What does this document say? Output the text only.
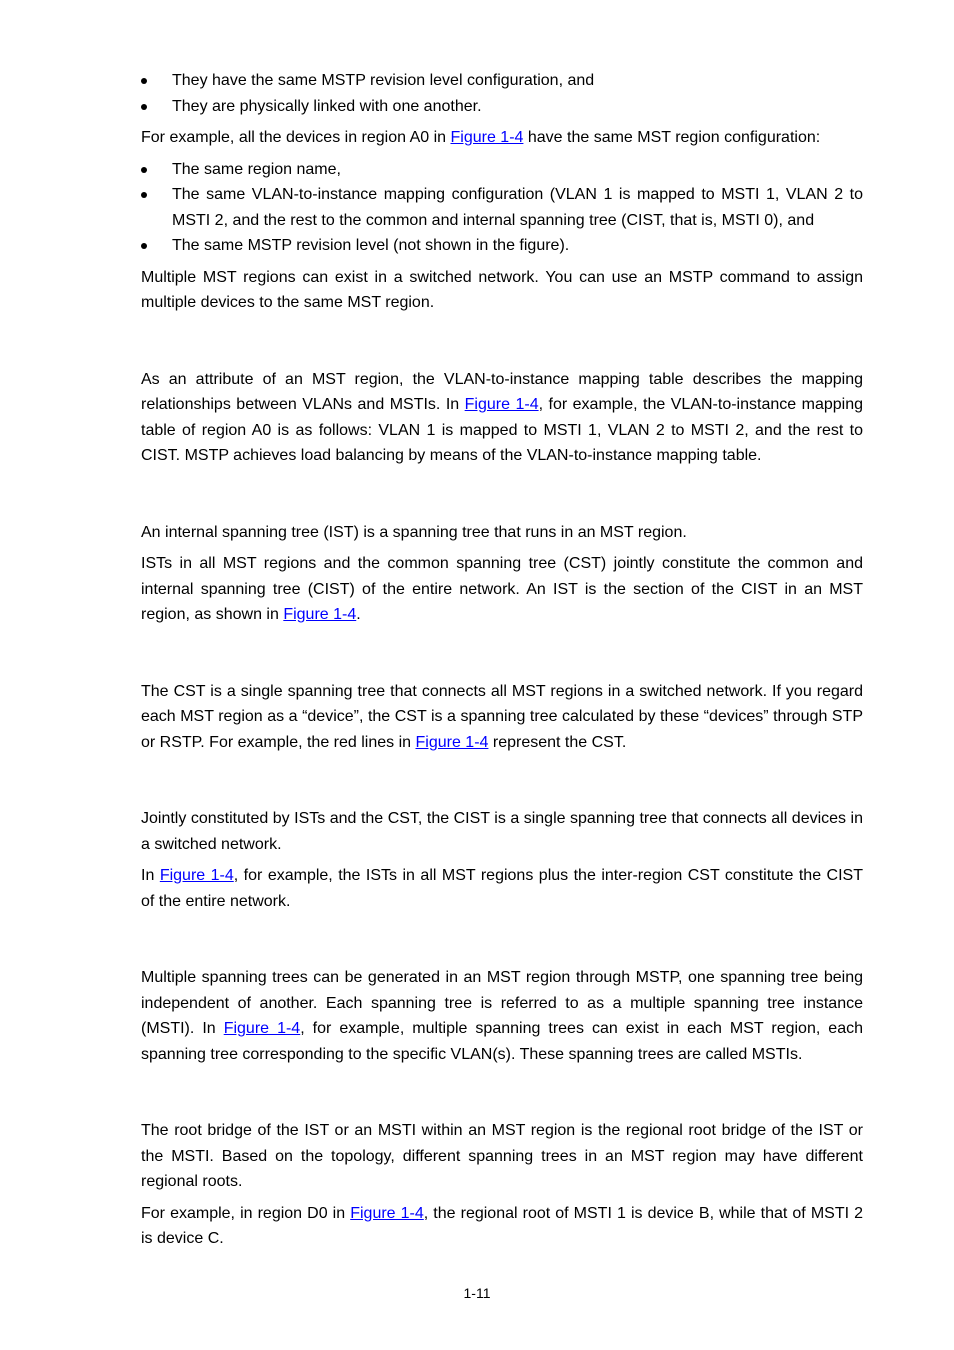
They have the same MSTP revision level configuration, and
They are physically linked with one another.

For example, all the devices in region A0 in Figure 1-4 have the same MST region configuration:

The same region name,
The same VLAN-to-instance mapping configuration (VLAN 1 is mapped to MSTI 1, VLAN 2 to MSTI 2, and the rest to the common and internal spanning tree (CIST, that is, MSTI 0), and
The same MSTP revision level (not shown in the figure).

Multiple MST regions can exist in a switched network. You can use an MSTP command to assign multiple devices to the same MST region.

As an attribute of an MST region, the VLAN-to-instance mapping table describes the mapping relationships between VLANs and MSTIs. In Figure 1-4, for example, the VLAN-to-instance mapping table of region A0 is as follows: VLAN 1 is mapped to MSTI 1, VLAN 2 to MSTI 2, and the rest to CIST. MSTP achieves load balancing by means of the VLAN-to-instance mapping table.

An internal spanning tree (IST) is a spanning tree that runs in an MST region.

ISTs in all MST regions and the common spanning tree (CST) jointly constitute the common and internal spanning tree (CIST) of the entire network. An IST is the section of the CIST in an MST region, as shown in Figure 1-4.

The CST is a single spanning tree that connects all MST regions in a switched network. If you regard each MST region as a “device”, the CST is a spanning tree calculated by these “devices” through STP or RSTP. For example, the red lines in Figure 1-4 represent the CST.

Jointly constituted by ISTs and the CST, the CIST is a single spanning tree that connects all devices in a switched network.

In Figure 1-4, for example, the ISTs in all MST regions plus the inter-region CST constitute the CIST of the entire network.

Multiple spanning trees can be generated in an MST region through MSTP, one spanning tree being independent of another. Each spanning tree is referred to as a multiple spanning tree instance (MSTI). In Figure 1-4, for example, multiple spanning trees can exist in each MST region, each spanning tree corresponding to the specific VLAN(s). These spanning trees are called MSTIs.

The root bridge of the IST or an MSTI within an MST region is the regional root bridge of the IST or the MSTI. Based on the topology, different spanning trees in an MST region may have different regional roots.

For example, in region D0 in Figure 1-4, the regional root of MSTI 1 is device B, while that of MSTI 2 is device C.

1-11
